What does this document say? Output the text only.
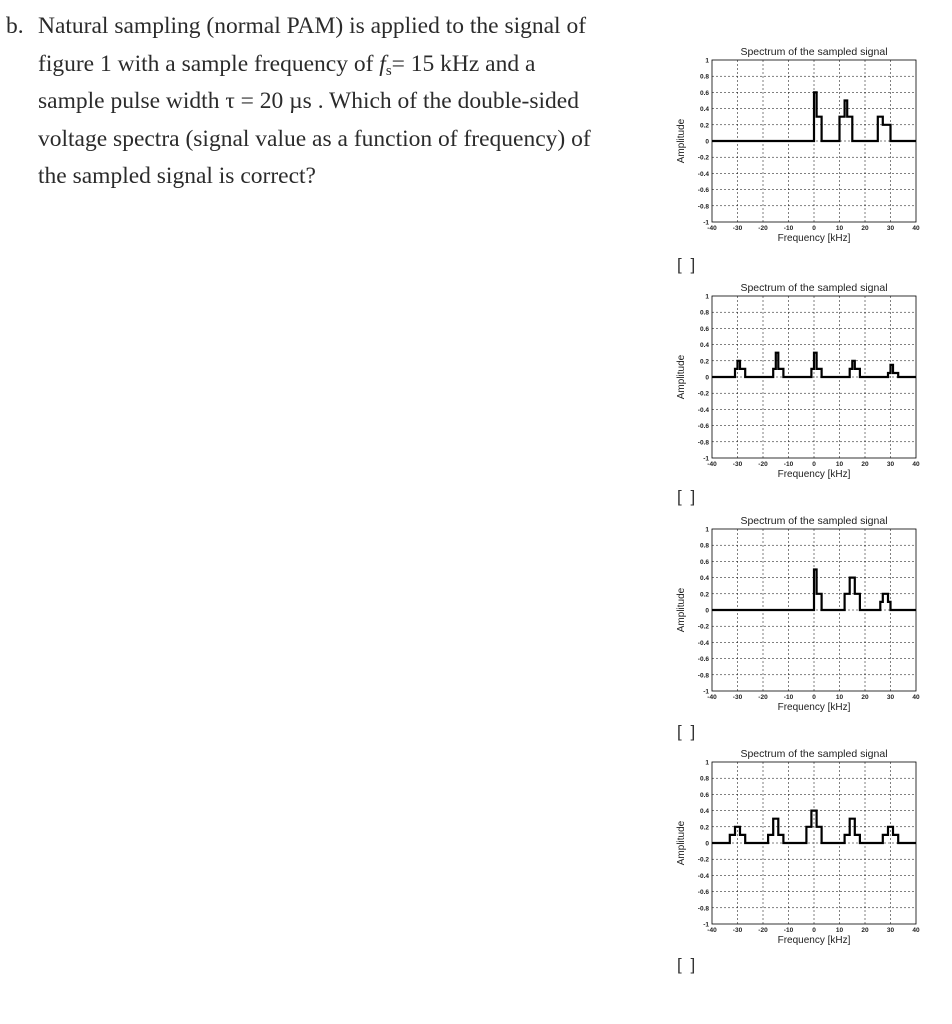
b. Natural sampling (normal PAM) is applied to the signal of
figure 1 with a sample frequency of $f_s= 15$ kHz and a
sample pulse width τ = 20 µs . Which of the double-sided
voltage spectra (signal value as a function of frequency) of
the sampled signal is correct?
Spectrum of the sampled signal
Frequency [kHz]
Amplitude
-40 -30 -20 -10	0	10	20	30	40
-1
-0.8
-0.6
-0.4
-0.2
0
0.2
0.4
0.6
0.8
1
[ ]
Spectrum of the sampled signal
Frequency [kHz]
Amplitude
-40 -30 -20 -10	0	10	20	30	40
-1
-0.8
-0.6
-0.4
-0.2
0
0.2
0.4
0.6
0.8
1
[ ]
Spectrum of the sampled signal
Frequency [kHz]
Amplitude
-40 -30 -20 -10	0	10	20	30	40
-1
-0.8
-0.6
-0.4
-0.2
0
0.2
0.4
0.6
0.8
1
[ ]
Spectrum of the sampled signal
Frequency [kHz]
Amplitude
-40 -30 -20 -10	0	10	20	30	40
-1
-0.8
-0.6
-0.4
-0.2
0
0.2
0.4
0.6
0.8
1
[ ]
